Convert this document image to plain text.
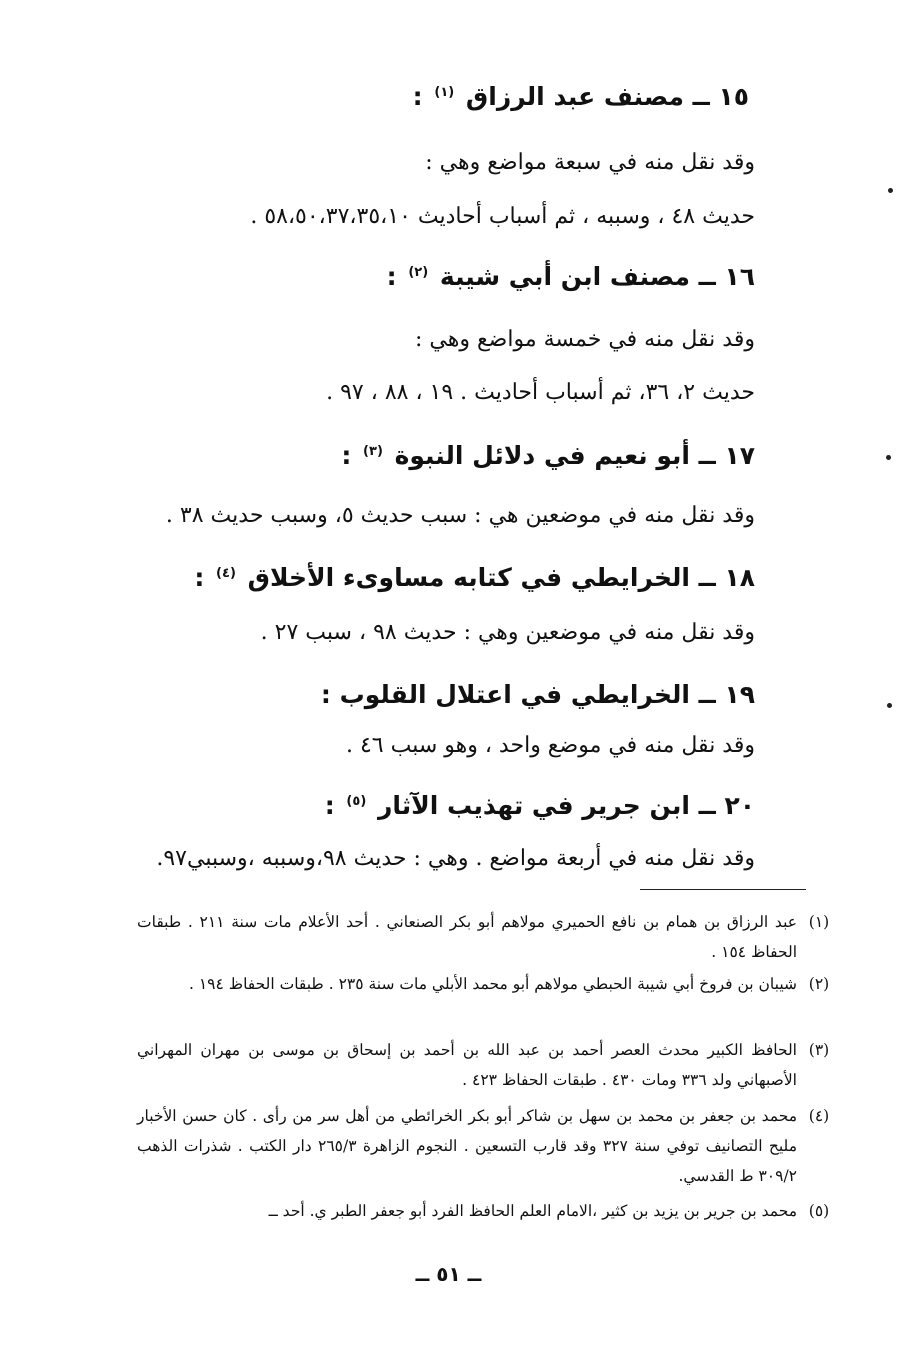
١٥ ــ مصنف عبد الرزاق $^{(١)}$ :
وقد نقل منه في سبعة مواضع وهي :
حديث ٤٨ ، وسببه ، ثم أسباب أحاديث ٥٨،٥٠،٣٧،٣٥،١٠ .
١٦ ــ مصنف ابن أبي شيبة $^{(٢)}$ :
وقد نقل منه في خمسة مواضع وهي :
حديث ٢، ٣٦، ثم أسباب أحاديث . ١٩ ، ٨٨ ، ٩٧ .
١٧ ــ أبو نعيم في دلائل النبوة $^{(٣)}$ :
وقد نقل منه في موضعين هي : سبب حديث ٥، وسبب حديث ٣٨ .
١٨ ــ الخرايطي في كتابه مساوىء الأخلاق $^{(٤)}$ :
وقد نقل منه في موضعين وهي : حديث ٩٨ ، سبب ٢٧ .
١٩ ــ الخرايطي في اعتلال القلوب :
وقد نقل منه في موضع واحد ، وهو سبب ٤٦ .
٢٠ ــ ابن جرير في تهذيب الآثار $^{(٥)}$ :
وقد نقل منه في أربعة مواضع . وهي : حديث ٩٨،وسببه ،وسببي٩٧.
(١)
عبد الرزاق بن همام بن نافع الحميري مولاهم أبو بكر الصنعاني . أحد الأعلام مات سنة ٢١١ . طبقات الحفاظ ١٥٤ .
(٢)
شيبان بن فروخ أبي شيبة الحبطي مولاهم أبو محمد الأبلي مات سنة ٢٣٥ . طبقات الحفاظ ١٩٤ .
(٣)
الحافظ الكبير محدث العصر أحمد بن عبد الله بن أحمد بن إسحاق بن موسى بن مهران المهراني الأصبهاني ولد ٣٣٦ ومات ٤٣٠ . طبقات الحفاظ ٤٢٣ .
(٤)
محمد بن جعفر بن محمد بن سهل بن شاكر أبو بكر الخرائطي من أهل سر من رأى . كان حسن الأخبار مليح التصانيف توفي سنة ٣٢٧ وقد قارب التسعين . النجوم الزاهرة ٢٦٥/٣ دار الكتب . شذرات الذهب ٣٠٩/٢ ط القدسي.
(٥)
محمد بن جرير بن يزيد بن كثير ،الامام العلم الحافظ الفرد أبو جعفر الطبر ي. أحد ــ
ــ ٥١ ــ
